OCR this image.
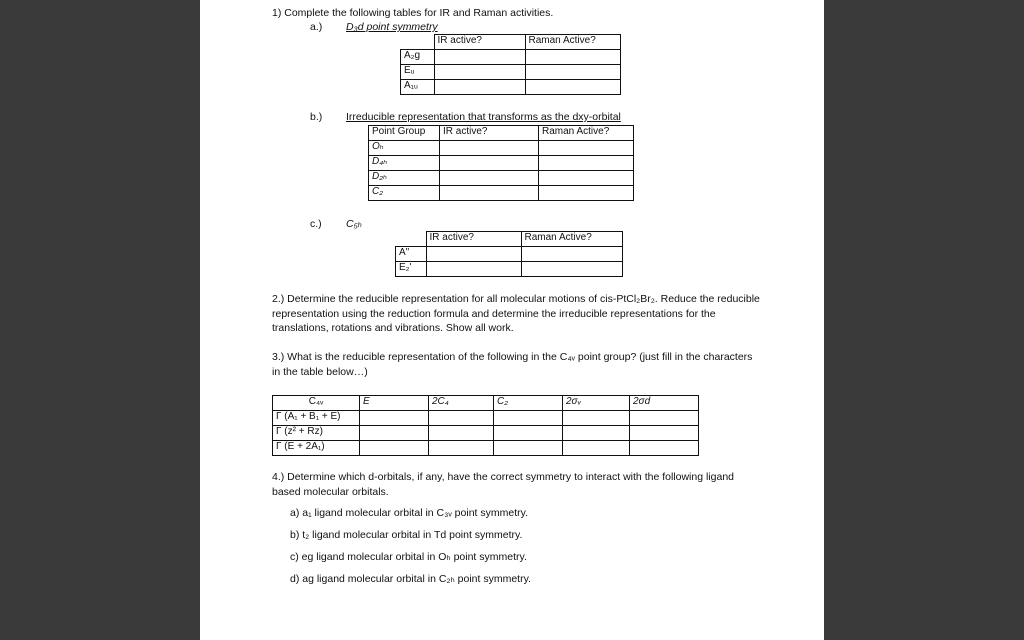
1) Complete the following tables for IR and Raman activities.
a.) D₃d point symmetry
	IR active?	Raman Active?
A₂g		
Eᵤ		
A₁ᵤ		
b.) Irreducible representation that transforms as the dxy-orbital
Point Group	IR active?	Raman Active?
Oₕ		
D₄ₕ		
D₂ₕ		
C₂		
c.) C₅ₕ
	IR active?	Raman Active?
A"		
E₂'		
2.) Determine the reducible representation for all molecular motions of cis-PtCl₂Br₂. Reduce the reducible representation using the reduction formula and determine the irreducible representations for the translations, rotations and vibrations. Show all work.
3.) What is the reducible representation of the following in the C₄ᵥ point group? (just fill in the characters in the table below…)
C₄ᵥ	E	2C₄	C₂	2σᵥ	2σd
Γ (A₁ + B₁ + E)					
Γ (z² + Rz)					
Γ (E + 2A₁)					
4.) Determine which d-orbitals, if any, have the correct symmetry to interact with the following ligand based molecular orbitals.
a) a₁ ligand molecular orbital in C₃ᵥ point symmetry.
b) t₂ ligand molecular orbital in Td point symmetry.
c) eg ligand molecular orbital in Oₕ point symmetry.
d) ag ligand molecular orbital in C₂ₕ point symmetry.
